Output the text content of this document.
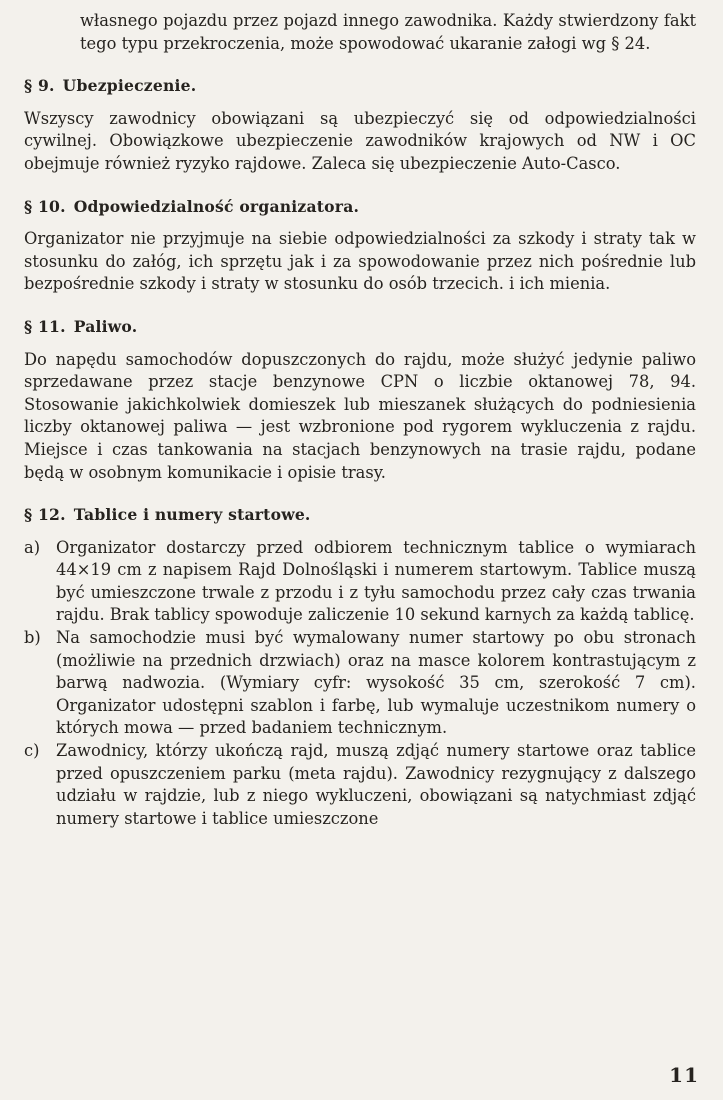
własnego pojazdu przez pojazd innego zawodnika. Każdy stwierdzony fakt tego typu przekroczenia, może spowodować ukaranie załogi wg § 24.

§ 9. Ubezpieczenie.

Wszyscy zawodnicy obowiązani są ubezpieczyć się od odpowiedzialności cywilnej. Obowiązkowe ubezpieczenie zawodników krajowych od NW i OC obejmuje również ryzyko rajdowe. Zaleca się ubezpieczenie Auto-Casco.

§ 10. Odpowiedzialność organizatora.

Organizator nie przyjmuje na siebie odpowiedzialności za szkody i straty tak w stosunku do załóg, ich sprzętu jak i za spowodowanie przez nich pośrednie lub bezpośrednie szkody i straty w stosunku do osób trzecich. i ich mienia.

§ 11. Paliwo.

Do napędu samochodów dopuszczonych do rajdu, może służyć jedynie paliwo sprzedawane przez stacje benzynowe CPN o liczbie oktanowej 78, 94. Stosowanie jakichkolwiek domieszek lub mieszanek służących do podniesienia liczby oktanowej paliwa — jest wzbronione pod rygorem wykluczenia z rajdu. Miejsce i czas tankowania na stacjach benzynowych na trasie rajdu, podane będą w osobnym komunikacie i opisie trasy.

§ 12. Tablice i numery startowe.
a) Organizator dostarczy przed odbiorem technicznym tablice o wymiarach 44×19 cm z napisem Rajd Dolnośląski i numerem startowym. Tablice muszą być umieszczone trwale z przodu i z tyłu samochodu przez cały czas trwania rajdu. Brak tablicy spowoduje zaliczenie 10 sekund karnych za każdą tablicę.
b) Na samochodzie musi być wymalowany numer startowy po obu stronach (możliwie na przednich drzwiach) oraz na masce kolorem kontrastującym z barwą nadwozia. (Wymiary cyfr: wysokość 35 cm, szerokość 7 cm). Organizator udostępni szablon i farbę, lub wymaluje uczestnikom numery o których mowa — przed badaniem technicznym.
c) Zawodnicy, którzy ukończą rajd, muszą zdjąć numery startowe oraz tablice przed opuszczeniem parku (meta rajdu). Zawodnicy rezygnujący z dalszego udziału w rajdzie, lub z niego wykluczeni, obowiązani są natychmiast zdjąć numery startowe i tablice umieszczone
11
